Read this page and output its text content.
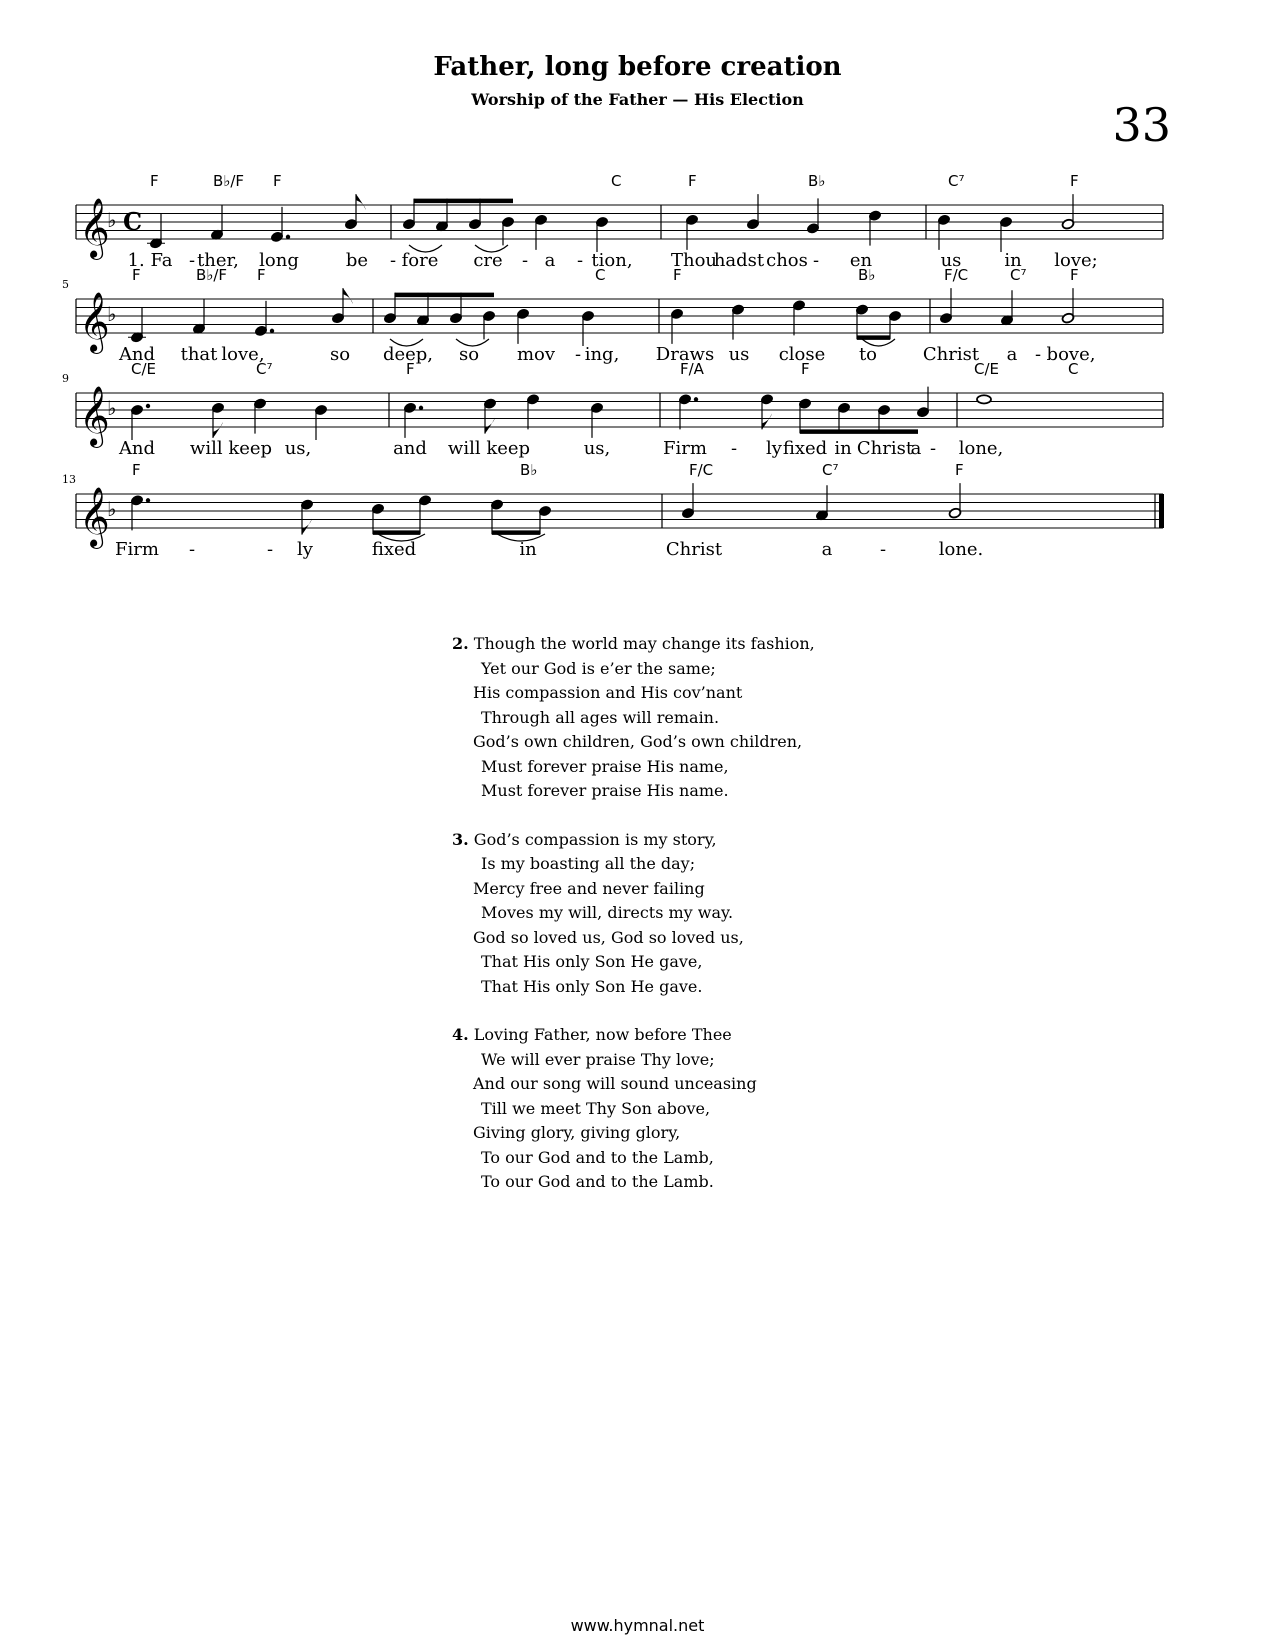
Father, long before creation
Worship of the Father — His Election	33
𝄞
♭ C
F	B♭/F F	C	F	B♭	C⁷	F
1. Fa - ther, long	be - fore cre - a - tion, Thou
hadst chos - en	us in love;
𝄞
♭
5
F	B♭/F F	C	F	B♭	F/C	C⁷	F
And that love,	so deep, so mov - ing, Draws us close to	Christ a - bove,
𝄞
♭
9
C/E	C⁷	F	F/A	F	C/E	C
And will keep us,	and will keep	us,	Firm - ly fixed in Christ
a - lone,
𝄞
♭
13
F	B♭	F/C	C⁷	F
Firm -	- ly	fixed	in	Christ	a	-	lone.
2. Though the world may change its fashion,
Yet our God is e’er the same;
His compassion and His cov’nant
Through all ages will remain.
God’s own children, God’s own children,
Must forever praise His name,
Must forever praise His name.
3. God’s compassion is my story,
Is my boasting all the day;
Mercy free and never failing
Moves my will, directs my way.
God so loved us, God so loved us,
That His only Son He gave,
That His only Son He gave.
4. Loving Father, now before Thee
We will ever praise Thy love;
And our song will sound unceasing
Till we meet Thy Son above,
Giving glory, giving glory,
To our God and to the Lamb,
To our God and to the Lamb.
www.hymnal.net
